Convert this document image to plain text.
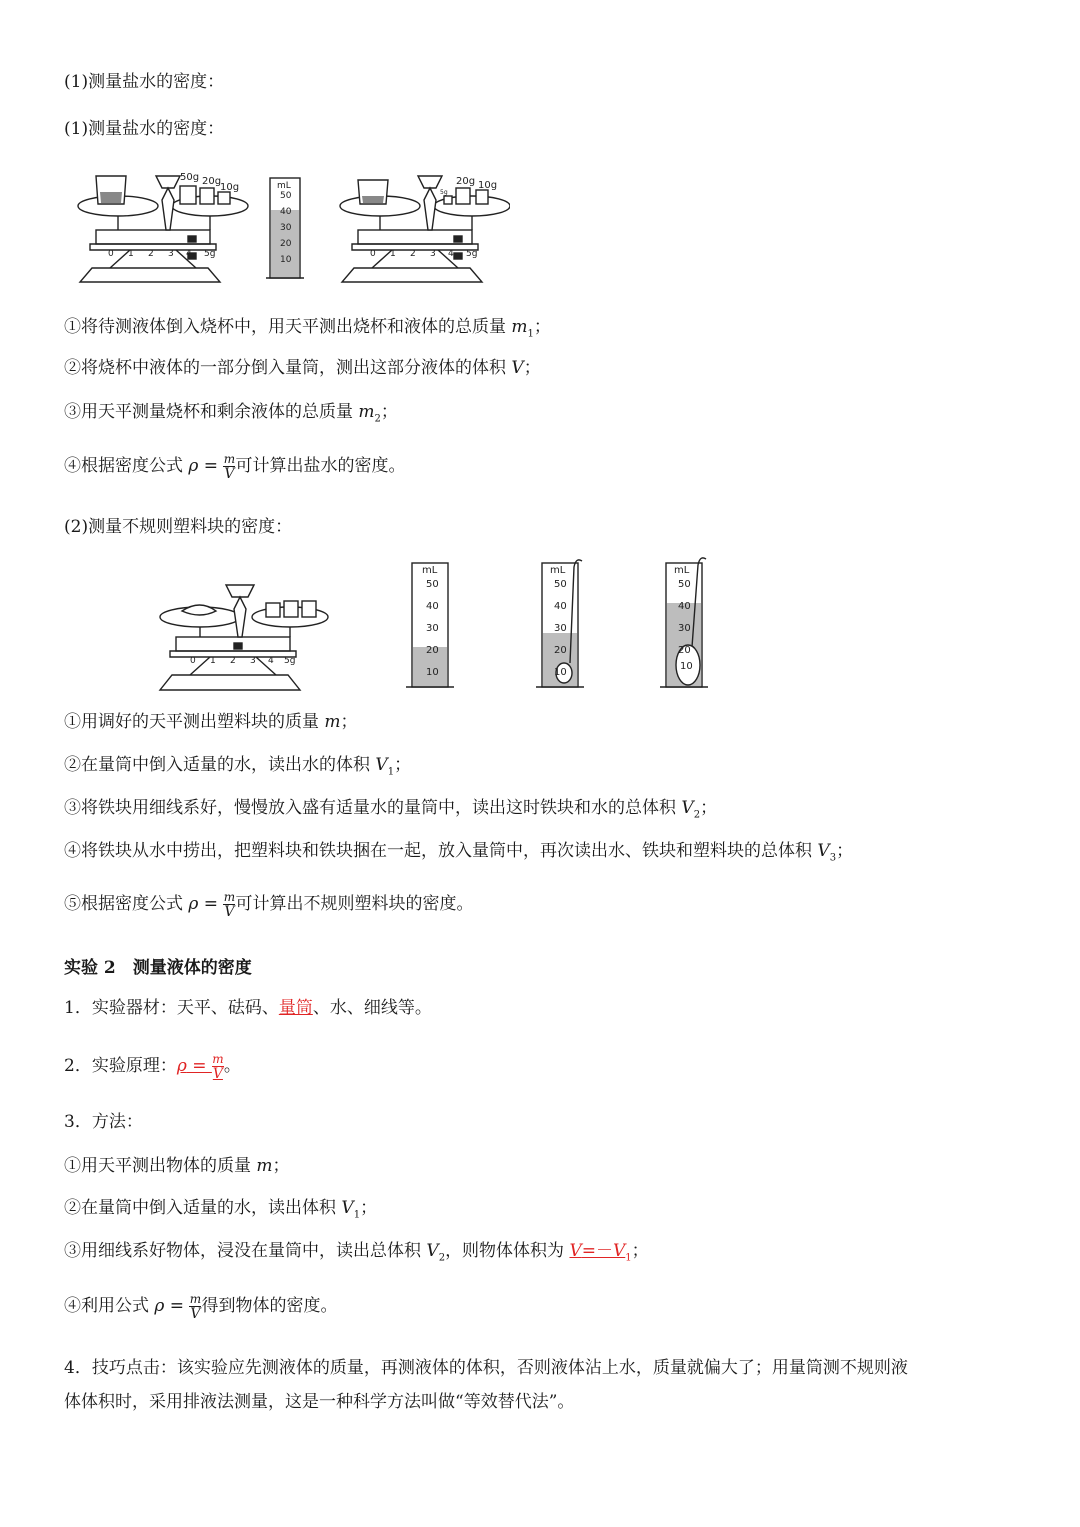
(1)测量盐水的密度：
(1)测量盐水的密度：
0 1 2 3 4 5g
50g 20g
10g	mL
50
40
30
20
10
0 1 2 3 4 5g
5g
20g 10g
①将待测液体倒入烧杯中，用天平测出烧杯和液体的总质量 $m_1$；
②将烧杯中液体的一部分倒入量筒，测出这部分液体的体积 V；
③用天平测量烧杯和剩余液体的总质量 $m_2$；
④根据密度公式 $\rho = \frac{m}{V}$ 可计算出盐水的密度。
(2)测量不规则塑料块的密度：
0 1 2 3 4 5g
mL
50
40
30
20
10
mL
50
40
30
20
10
mL
50
40
30
20
10
①用调好的天平测出塑料块的质量 m；
②在量筒中倒入适量的水，读出水的体积 $V_1$；
③将铁块用细线系好，慢慢放入盛有适量水的量筒中，读出这时铁块和水的总体积 $V_2$；
④将铁块从水中捞出，把塑料块和铁块捆在一起，放入量筒中，再次读出水、铁块和塑料块的总体积 $V_3$；
⑤根据密度公式 $\rho = \frac{m}{V}$ 可计算出不规则塑料块的密度。
实验 2　测量液体的密度
1．实验器材：天平、砝码、量筒、水、细线等。
2．实验原理：$\rho = \frac{m}{V}$ 。
3．方法：
①用天平测出物体的质量 m；
②在量筒中倒入适量的水，读出体积 $V_1$；
③用细线系好物体，浸没在量筒中，读出总体积 $V_2$，则物体体积为 $V=-V_1$；
④利用公式 $\rho = \frac{m}{V}$ 得到物体的密度。
4．技巧点击：该实验应先测液体的质量，再测液体的体积，否则液体沾上水，质量就偏大了；用量筒测不规则液
体体积时，采用排液法测量，这是一种科学方法叫做“等效替代法”。
